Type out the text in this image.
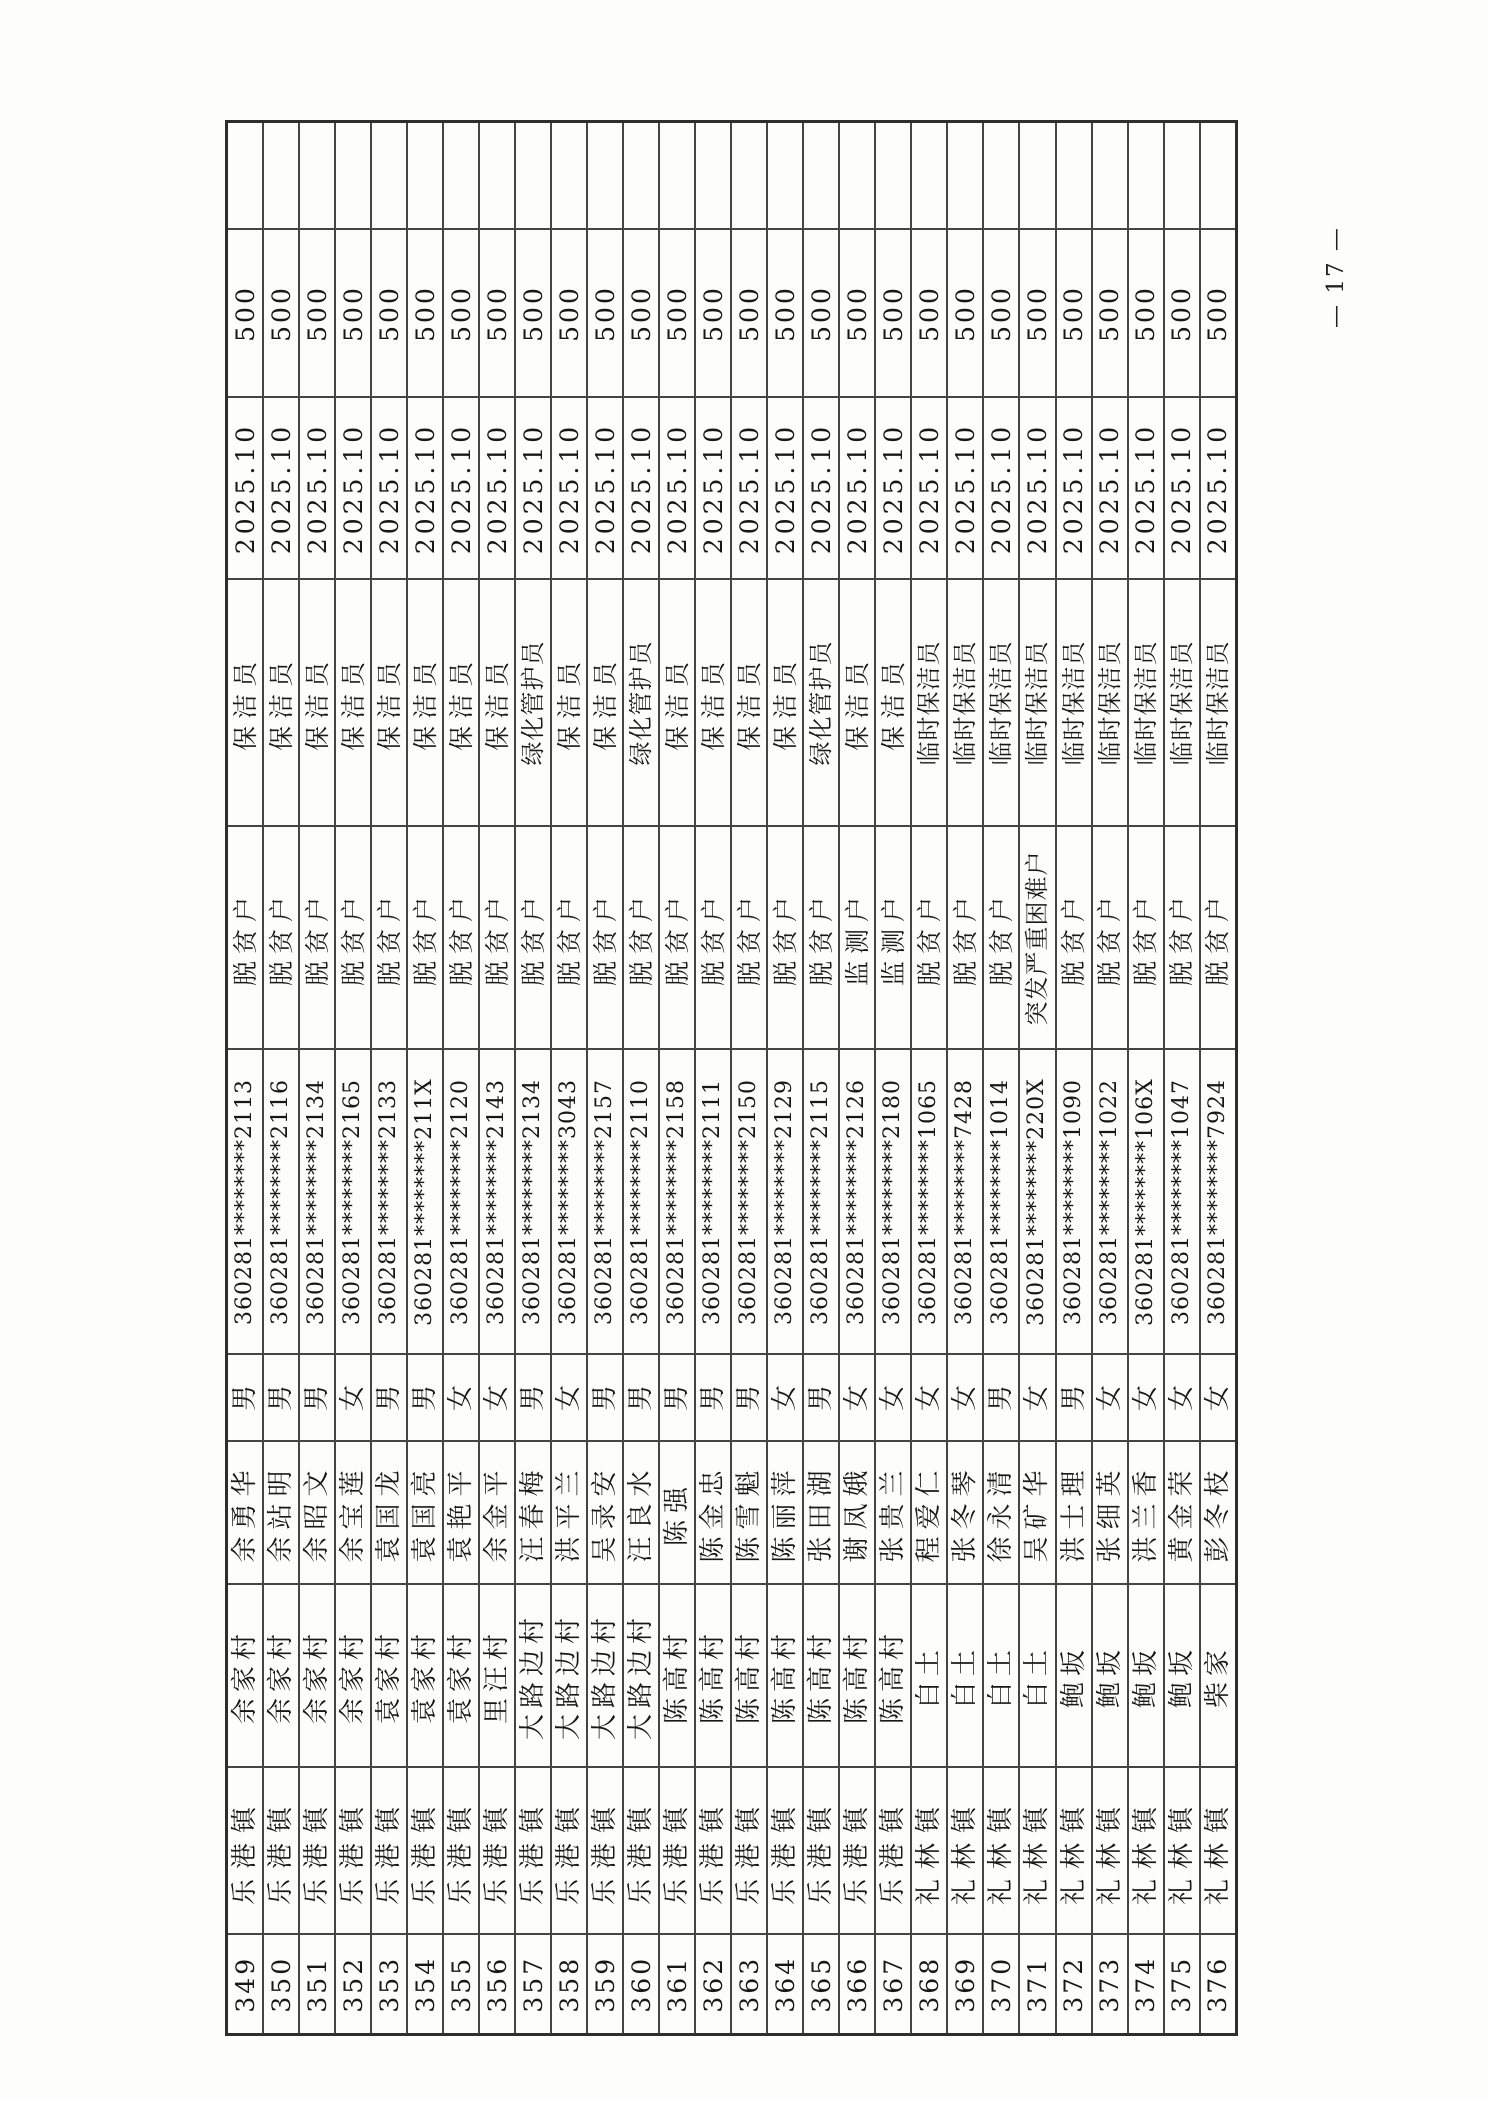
349	乐港镇	余家村	余勇华	男	360281********2113	脱贫户	保洁员	2025.10	500	
350	乐港镇	余家村	余站明	男	360281********2116	脱贫户	保洁员	2025.10	500	
351	乐港镇	余家村	余昭文	男	360281********2134	脱贫户	保洁员	2025.10	500	
352	乐港镇	余家村	余宝莲	女	360281********2165	脱贫户	保洁员	2025.10	500	
353	乐港镇	袁家村	袁国龙	男	360281********2133	脱贫户	保洁员	2025.10	500	
354	乐港镇	袁家村	袁国亮	男	360281********211X	脱贫户	保洁员	2025.10	500	
355	乐港镇	袁家村	袁艳平	女	360281********2120	脱贫户	保洁员	2025.10	500	
356	乐港镇	里汪村	余金平	女	360281********2143	脱贫户	保洁员	2025.10	500	
357	乐港镇	大路边村	汪春梅	男	360281********2134	脱贫户	绿化管护员	2025.10	500	
358	乐港镇	大路边村	洪平兰	女	360281********3043	脱贫户	保洁员	2025.10	500	
359	乐港镇	大路边村	吴录安	男	360281********2157	脱贫户	保洁员	2025.10	500	
360	乐港镇	大路边村	汪良水	男	360281********2110	脱贫户	绿化管护员	2025.10	500	
361	乐港镇	陈高村	陈强	男	360281********2158	脱贫户	保洁员	2025.10	500	
362	乐港镇	陈高村	陈金忠	男	360281********2111	脱贫户	保洁员	2025.10	500	
363	乐港镇	陈高村	陈雪魁	男	360281********2150	脱贫户	保洁员	2025.10	500	
364	乐港镇	陈高村	陈丽萍	女	360281********2129	脱贫户	保洁员	2025.10	500	
365	乐港镇	陈高村	张田湖	男	360281********2115	脱贫户	绿化管护员	2025.10	500	
366	乐港镇	陈高村	谢凤娥	女	360281********2126	监测户	保洁员	2025.10	500	
367	乐港镇	陈高村	张贵兰	女	360281********2180	监测户	保洁员	2025.10	500	
368	礼林镇	白土	程爱仁	女	360281********1065	脱贫户	临时保洁员	2025.10	500	
369	礼林镇	白土	张冬琴	女	360281********7428	脱贫户	临时保洁员	2025.10	500	
370	礼林镇	白土	徐永清	男	360281********1014	脱贫户	临时保洁员	2025.10	500	
371	礼林镇	白土	吴矿华	女	360281********220X	突发严重困难户	临时保洁员	2025.10	500	
372	礼林镇	鲍坂	洪士理	男	360281********1090	脱贫户	临时保洁员	2025.10	500	
373	礼林镇	鲍坂	张细英	女	360281********1022	脱贫户	临时保洁员	2025.10	500	
374	礼林镇	鲍坂	洪兰香	女	360281********106X	脱贫户	临时保洁员	2025.10	500	
375	礼林镇	鲍坂	黄金荣	女	360281********1047	脱贫户	临时保洁员	2025.10	500	
376	礼林镇	柴家	彭冬枝	女	360281********7924	脱贫户	临时保洁员	2025.10	500		— 17 —
